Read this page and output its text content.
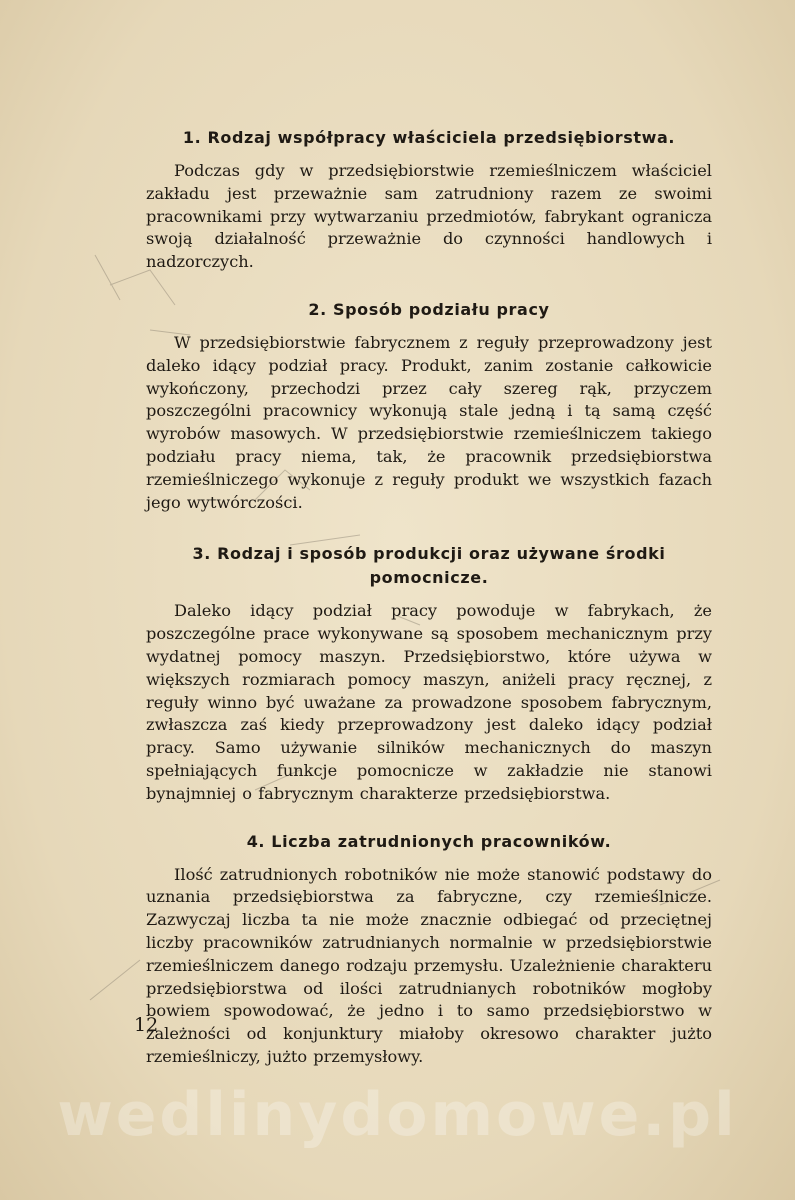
1. Rodzaj współpracy właściciela przedsiębiorstwa.

Podczas gdy w przedsiębiorstwie rzemieślniczem właściciel zakładu jest przeważnie sam zatrudniony razem ze swoimi pracownikami przy wytwarzaniu przedmiotów, fabrykant ogranicza swoją działalność przeważnie do czynności handlowych i nadzorczych.

2. Sposób podziału pracy

W przedsiębiorstwie fabrycznem z reguły przeprowadzony jest daleko idący podział pracy. Produkt, zanim zostanie całkowicie wykończony, przechodzi przez cały szereg rąk, przyczem poszczególni pracownicy wykonują stale jedną i tą samą część wyrobów masowych. W przedsiębiorstwie rzemieślniczem takiego podziału pracy niema, tak, że pracownik przedsiębiorstwa rzemieślniczego wykonuje z reguły produkt we wszystkich fazach jego wytwórczości.

3. Rodzaj i sposób produkcji oraz używane środki pomocnicze.

Daleko idący podział pracy powoduje w fabrykach, że poszczególne prace wykonywane są sposobem mechanicznym przy wydatnej pomocy maszyn. Przedsiębiorstwo, które używa w większych rozmiarach pomocy maszyn, aniżeli pracy ręcznej, z reguły winno być uważane za prowadzone sposobem fabrycznym, zwłaszcza zaś kiedy przeprowadzony jest daleko idący podział pracy. Samo używanie silników mechanicznych do maszyn spełniających funkcje pomocnicze w zakładzie nie stanowi bynajmniej o fabrycznym charakterze przedsiębiorstwa.

4. Liczba zatrudnionych pracowników.

Ilość zatrudnionych robotników nie może stanowić podstawy do uznania przedsiębiorstwa za fabryczne, czy rzemieślnicze. Zazwyczaj liczba ta nie może znacznie odbiegać od przeciętnej liczby pracowników zatrudnianych normalnie w przedsiębiorstwie rzemieślniczem danego rodzaju przemysłu. Uzależnienie charakteru przedsiębiorstwa od ilości zatrudnianych robotników mogłoby bowiem spowodować, że jedno i to samo przedsiębiorstwo w zależności od konjunktury miałoby okresowo charakter jużto rzemieślniczy, jużto przemysłowy.

12
wedlinydomowe.pl
